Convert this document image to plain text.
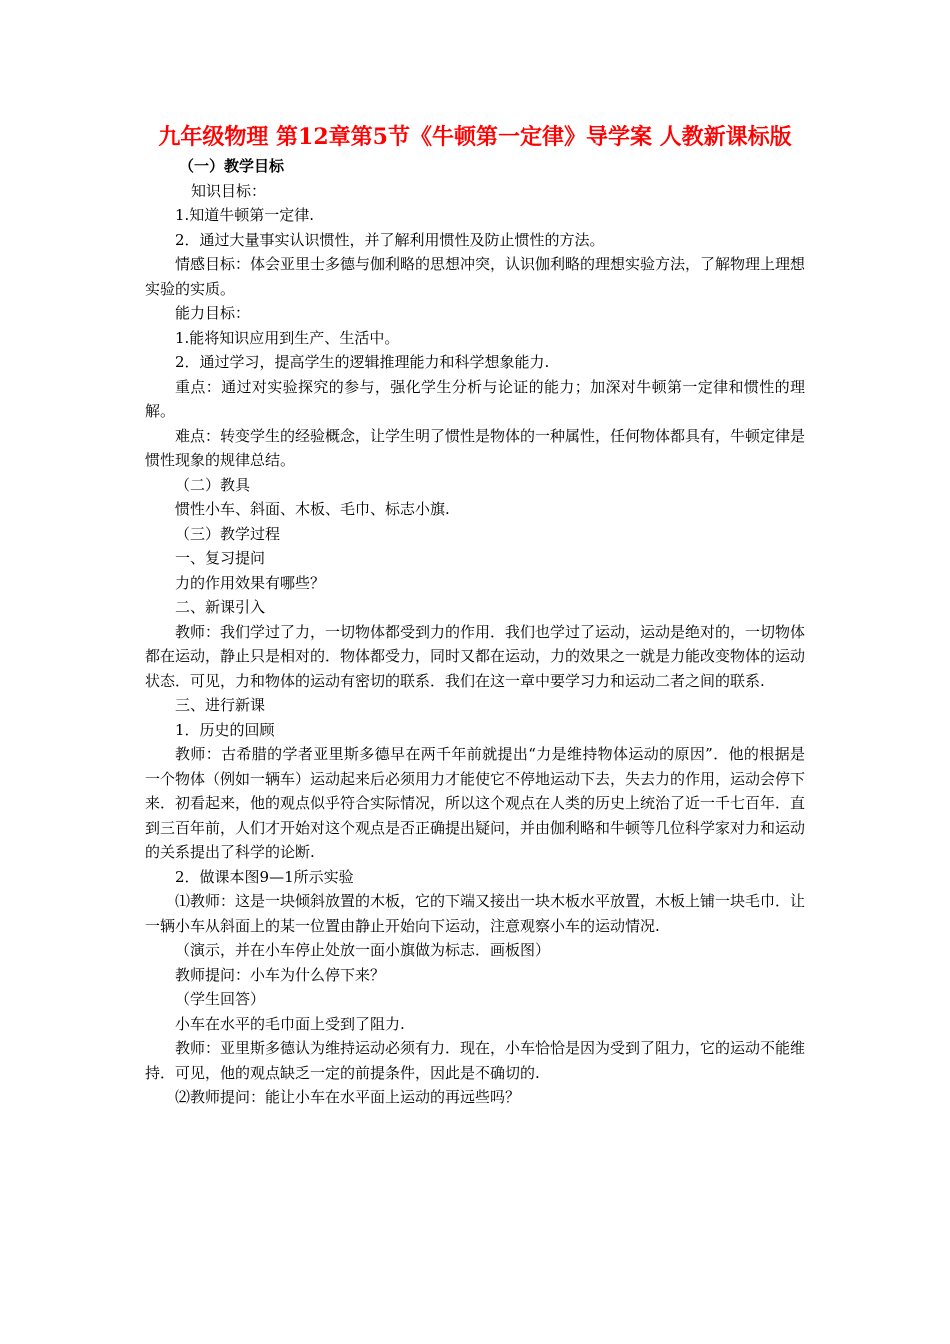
九年级物理 第12章第5节《牛顿第一定律》导学案 人教新课标版
（一）教学目标

知识目标：

1.知道牛顿第一定律.

2．通过大量事实认识惯性，并了解利用惯性及防止惯性的方法。

情感目标：体会亚里士多德与伽利略的思想冲突，认识伽利略的理想实验方法，了解物理上理想实验的实质。

能力目标：

1.能将知识应用到生产、生活中。

2．通过学习，提高学生的逻辑推理能力和科学想象能力.

重点：通过对实验探究的参与，强化学生分析与论证的能力；加深对牛顿第一定律和惯性的理解。

难点：转变学生的经验概念，让学生明了惯性是物体的一种属性，任何物体都具有，牛顿定律是惯性现象的规律总结。

（二）教具

惯性小车、斜面、木板、毛巾、标志小旗.

（三）教学过程

一、复习提问

力的作用效果有哪些？

二、新课引入

教师：我们学过了力，一切物体都受到力的作用．我们也学过了运动，运动是绝对的，一切物体都在运动，静止只是相对的．物体都受力，同时又都在运动，力的效果之一就是力能改变物体的运动状态．可见，力和物体的运动有密切的联系．我们在这一章中要学习力和运动二者之间的联系.

三、进行新课

1．历史的回顾

教师：古希腊的学者亚里斯多德早在两千年前就提出“力是维持物体运动的原因”．他的根据是一个物体（例如一辆车）运动起来后必须用力才能使它不停地运动下去，失去力的作用，运动会停下来．初看起来，他的观点似乎符合实际情况，所以这个观点在人类的历史上统治了近一千七百年．直到三百年前，人们才开始对这个观点是否正确提出疑问，并由伽利略和牛顿等几位科学家对力和运动的关系提出了科学的论断.

2．做课本图9—1所示实验

⑴教师：这是一块倾斜放置的木板，它的下端又接出一块木板水平放置，木板上铺一块毛巾．让一辆小车从斜面上的某一位置由静止开始向下运动，注意观察小车的运动情况.

（演示，并在小车停止处放一面小旗做为标志．画板图）

教师提问：小车为什么停下来？

（学生回答）

小车在水平的毛巾面上受到了阻力.

教师：亚里斯多德认为维持运动必须有力．现在，小车恰恰是因为受到了阻力，它的运动不能维持．可见，他的观点缺乏一定的前提条件，因此是不确切的.

⑵教师提问：能让小车在水平面上运动的再远些吗？
